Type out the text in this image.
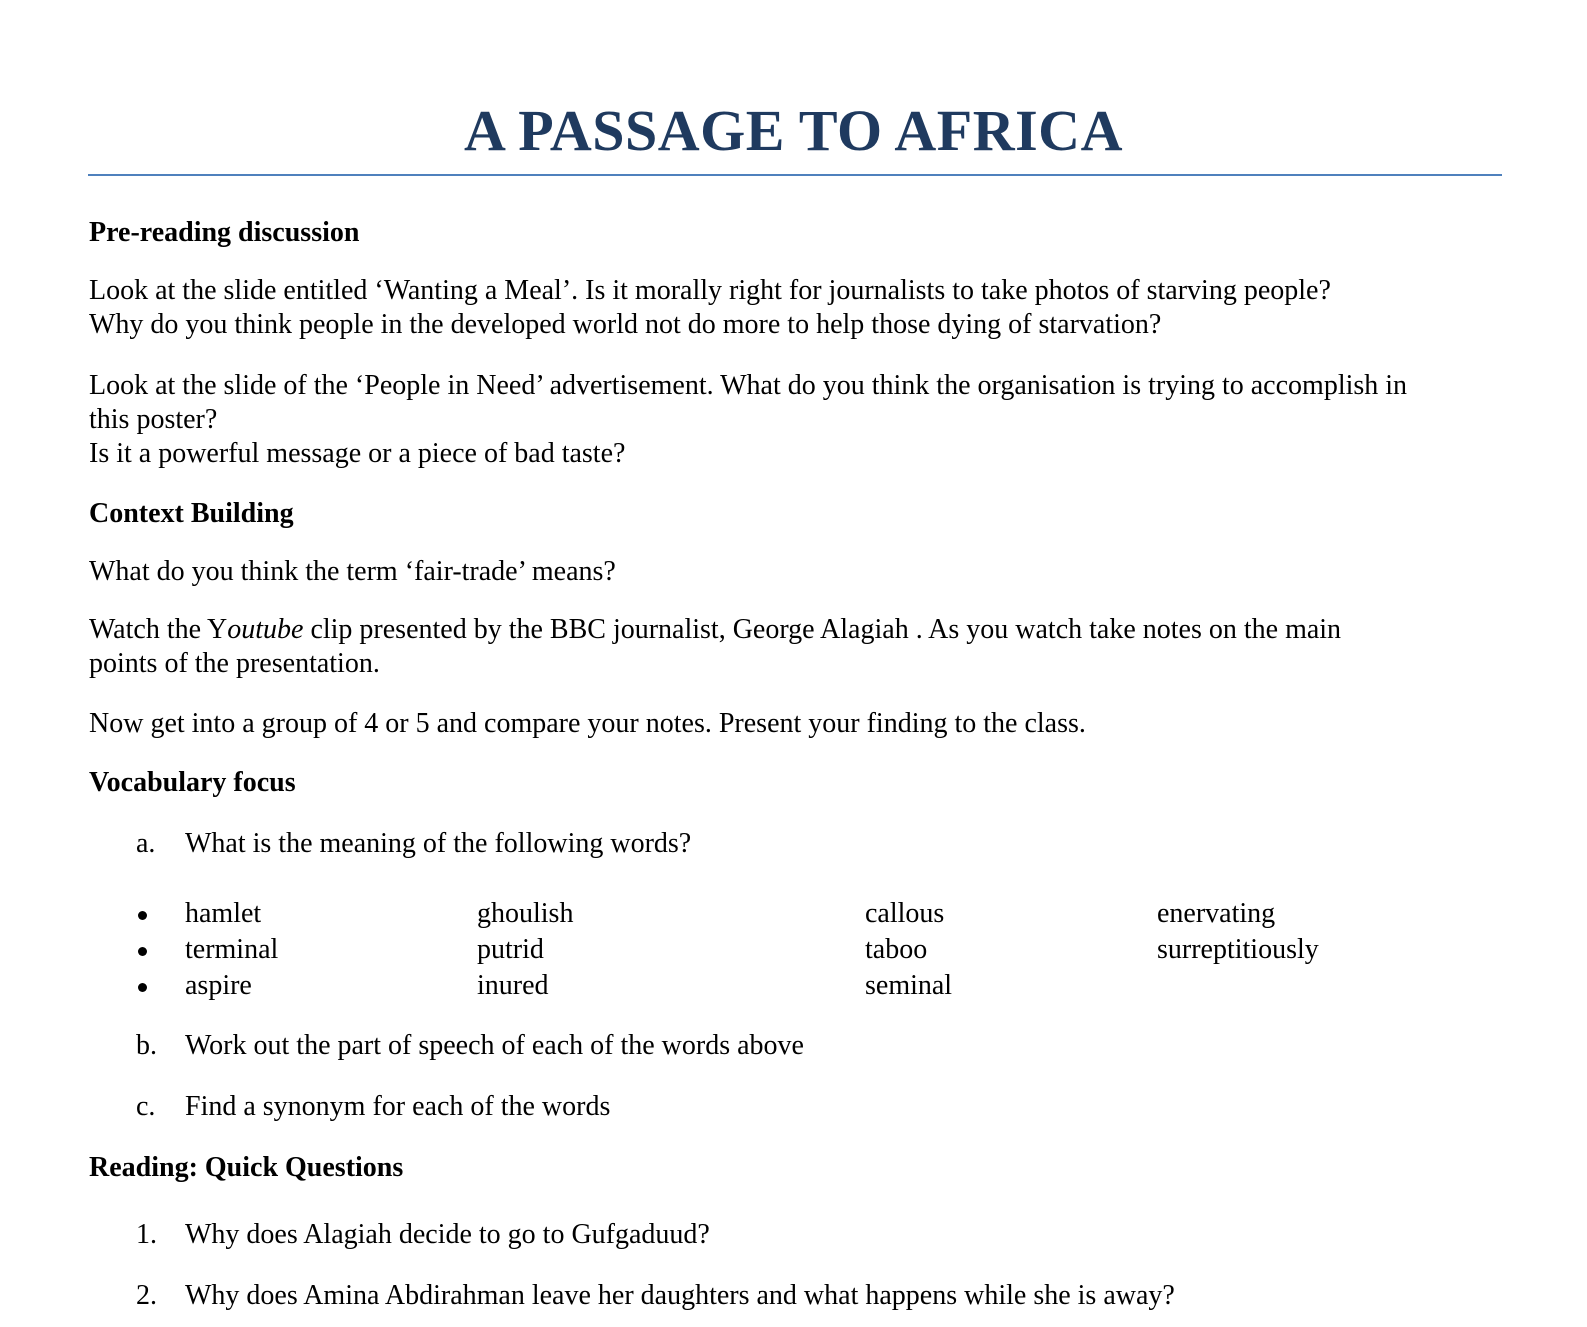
A PASSAGE TO AFRICA
Pre-reading discussion
Look at the slide entitled ‘Wanting a Meal’. Is it morally right for journalists to take photos of starving people?
Why do you think people in the developed world not do more to help those dying of starvation?
Look at the slide of the ‘People in Need’ advertisement. What do you think the organisation is trying to accomplish in
this poster?
Is it a powerful message or a piece of bad taste?
Context Building
What do you think the term ‘fair-trade’ means?
Watch the Youtube clip presented by the BBC journalist, George Alagiah . As you watch take notes on the main
points of the presentation.
Now get into a group of 4 or 5 and compare your notes. Present your finding to the class.
Vocabulary focus
a. What is the meaning of the following words?
hamlet	ghoulish	callous	enervating
terminal	putrid	taboo	surreptitiously
aspire	inured	seminal
b. Work out the part of speech of each of the words above
c. Find a synonym for each of the words
Reading: Quick Questions
1. Why does Alagiah decide to go to Gufgaduud?
2. Why does Amina Abdirahman leave her daughters and what happens while she is away?
